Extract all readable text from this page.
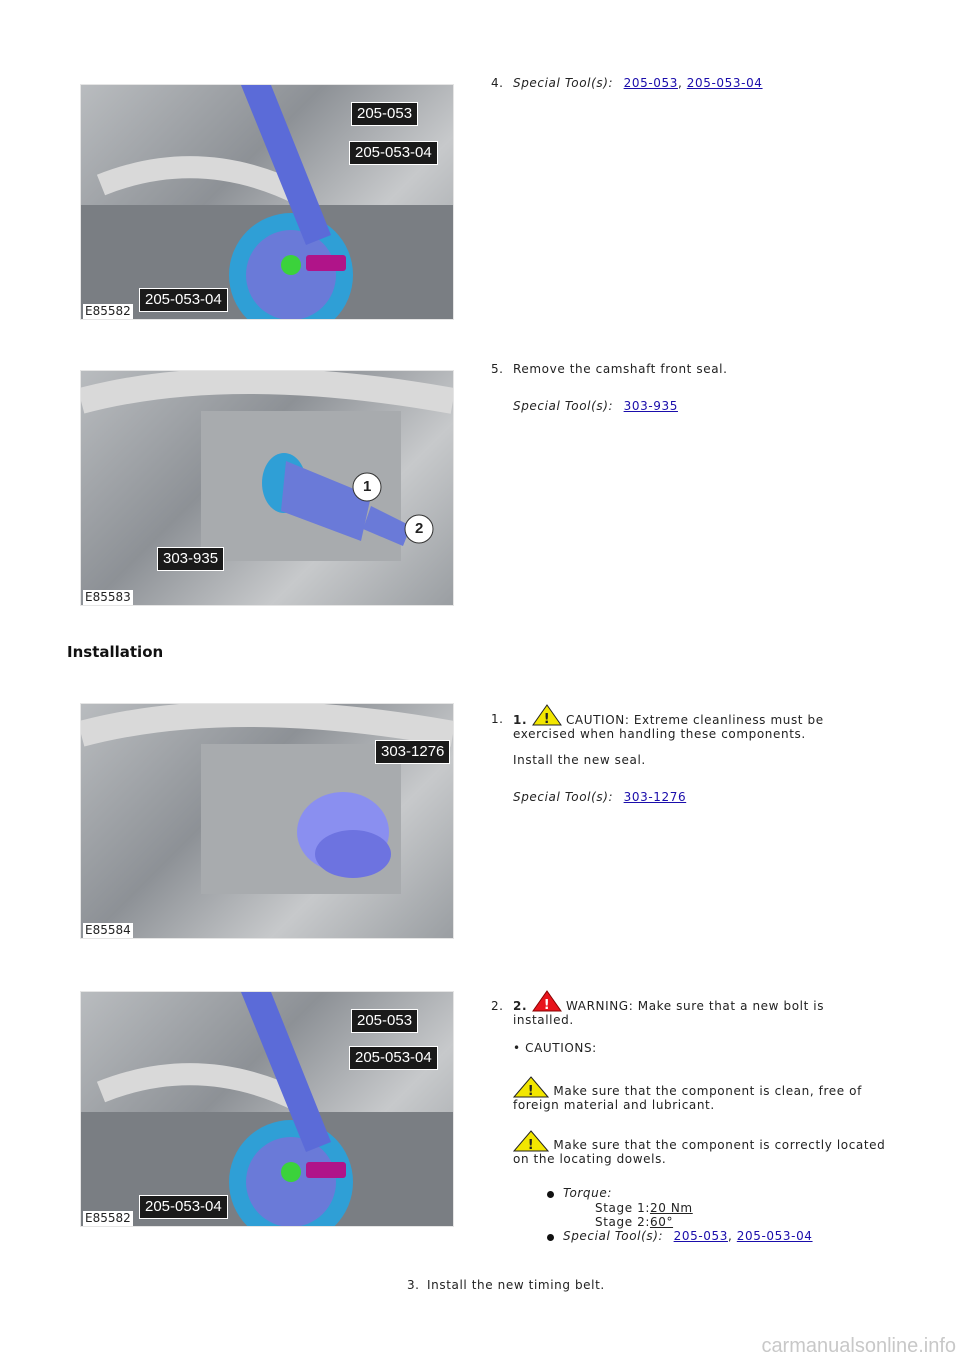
205-053
205-053-04
205-053-04
E85582
4. Special Tool(s): 205-053, 205-053-04
303-935
1
2
E85583
5. Remove the camshaft front seal.
Special Tool(s): 303-935
Installation
303-1276
E85584
1. 1. ! CAUTION: Extreme cleanliness must be exercised when handling these components.
Install the new seal.
Special Tool(s): 303-1276
205-053
205-053-04
205-053-04
E85582
2. 2. ! WARNING: Make sure that a new bolt is installed.
• CAUTIONS:
! Make sure that the component is clean, free of foreign material and lubricant.
! Make sure that the component is correctly located on the locating dowels.
Torque:
Stage 1:20 Nm
Stage 2:60°
Special Tool(s): 205-053, 205-053-04
3. Install the new timing belt.
carmanualsonline.info
